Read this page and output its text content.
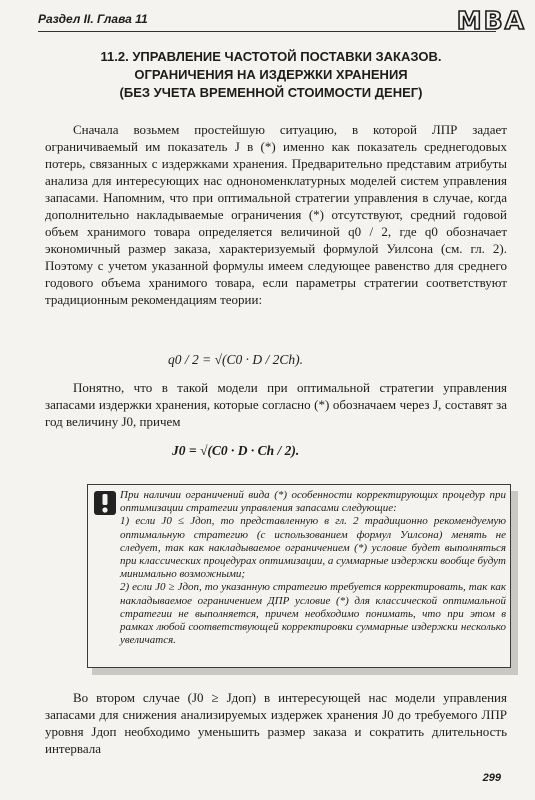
Раздел II. Глава 11	МВА
11.2. УПРАВЛЕНИЕ ЧАСТОТОЙ ПОСТАВКИ ЗАКАЗОВ.
ОГРАНИЧЕНИЯ НА ИЗДЕРЖКИ ХРАНЕНИЯ
(БЕЗ УЧЕТА ВРЕМЕННОЙ СТОИМОСТИ ДЕНЕГ)
Сначала возьмем простейшую ситуацию, в которой ЛПР задает ограничиваемый им показатель J в (*) именно как показатель среднегодовых потерь, связанных с издержками хранения. Предварительно представим атрибуты анализа для интересующих нас однономенклатурных моделей систем управления запасами. Напомним, что при оптимальной стратегии управления в случае, когда дополнительно накладываемые ограничения (*) отсутствуют, средний годовой объем хранимого товара определяется величиной q0 / 2, где q0 обозначает экономичный размер заказа, характеризуемый формулой Уилсона (см. гл. 2). Поэтому с учетом указанной формулы имеем следующее равенство для среднего годового объема хранимого товара, если параметры стратегии соответствуют традиционным рекомендациям теории:
q0 / 2 = √(C0 · D / 2Ch).
Понятно, что в такой модели при оптимальной стратегии управления запасами издержки хранения, которые согласно (*) обозначаем через J, составят за год величину J0, причем
J0 = √(C0 · D · Ch / 2).

При наличии ограничений вида (*) особенности корректирующих процедур при оптимизации стратегии управления запасами следующие:

1) если J0 ≤ Jдоп, то представленную в гл. 2 традиционно рекомендуемую оптимальную стратегию (с использованием формул Уилсона) менять не следует, так как накладываемое ограничением (*) условие будет выполняться при классических процедурах оптимизации, а суммарные издержки вообще будут минимально возможными;

2) если J0 ≥ Jдоп, то указанную стратегию требуется корректировать, так как накладываемое ограничением ДПР условие (*) для классической оптимальной стратегии не выполняется, причем необходимо понимать, что при этом в рамках любой соответствующей корректировки суммарные издержки несколько увеличатся.

Во втором случае (J0 ≥ Jдоп) в интересующей нас модели управления запасами для снижения анализируемых издержек хранения J0 до требуемого ЛПР уровня Jдоп необходимо уменьшить размер заказа и сократить длительность интервала
299
